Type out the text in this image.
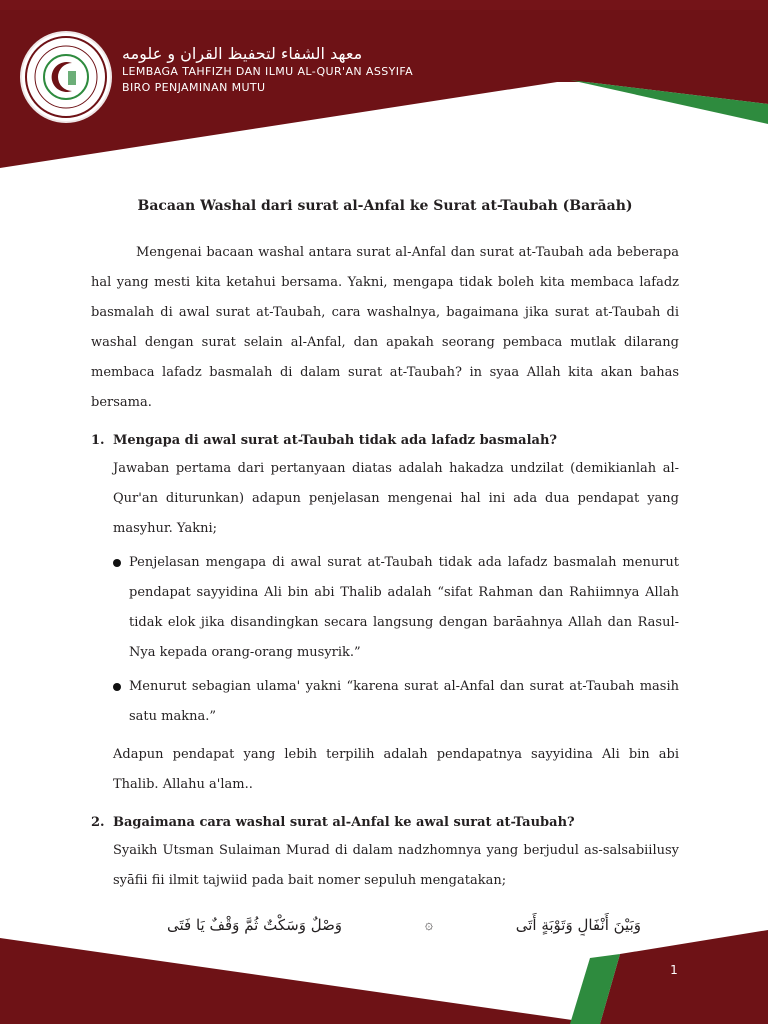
معهد الشفاء لتحفيظ القران و علومه
LEMBAGA TAHFIZH DAN ILMU AL-QUR'AN ASSYIFA
BIRO PENJAMINAN MUTU
Bacaan Washal dari surat al-Anfal ke Surat at-Taubah (Barāah)

Mengenai bacaan washal antara surat al-Anfal dan surat at-Taubah ada beberapa hal yang mesti kita ketahui bersama. Yakni, mengapa tidak boleh kita membaca lafadz basmalah di awal surat at-Taubah, cara washalnya, bagaimana jika surat at-Taubah di washal dengan surat selain al-Anfal, dan apakah seorang pembaca mutlak dilarang membaca lafadz basmalah di dalam surat at-Taubah? in syaa Allah kita akan bahas bersama.

1. Mengapa di awal surat at-Taubah tidak ada lafadz basmalah?

Jawaban pertama dari pertanyaan diatas adalah hakadza undzilat (demikianlah al-Qur'an diturunkan) adapun penjelasan mengenai hal ini ada dua pendapat yang masyhur. Yakni;

Penjelasan mengapa di awal surat at-Taubah tidak ada lafadz basmalah menurut pendapat sayyidina Ali bin abi Thalib adalah “sifat Rahman dan Rahiimnya Allah tidak elok jika disandingkan secara langsung dengan barāahnya Allah dan Rasul-Nya kepada orang-orang musyrik.”

Menurut sebagian ulama' yakni “karena surat al-Anfal dan surat at-Taubah masih satu makna.”

Adapun pendapat yang lebih terpilih adalah pendapatnya sayyidina Ali bin abi Thalib. Allahu a'lam..

2. Bagaimana cara washal surat al-Anfal ke awal surat at-Taubah?

Syaikh Utsman Sulaiman Murad di dalam nadzhomnya yang berjudul as-salsabiilusy syāfii fii ilmit tajwiid pada bait nomer sepuluh mengatakan;

وَبَيْنَ أَنْفَالٍ وَتَوْبَةٍ أَتَى
۞
وَصْلٌ وَسَكْتٌ ثُمَّ وَقْفٌ يَا فَتَى
1
